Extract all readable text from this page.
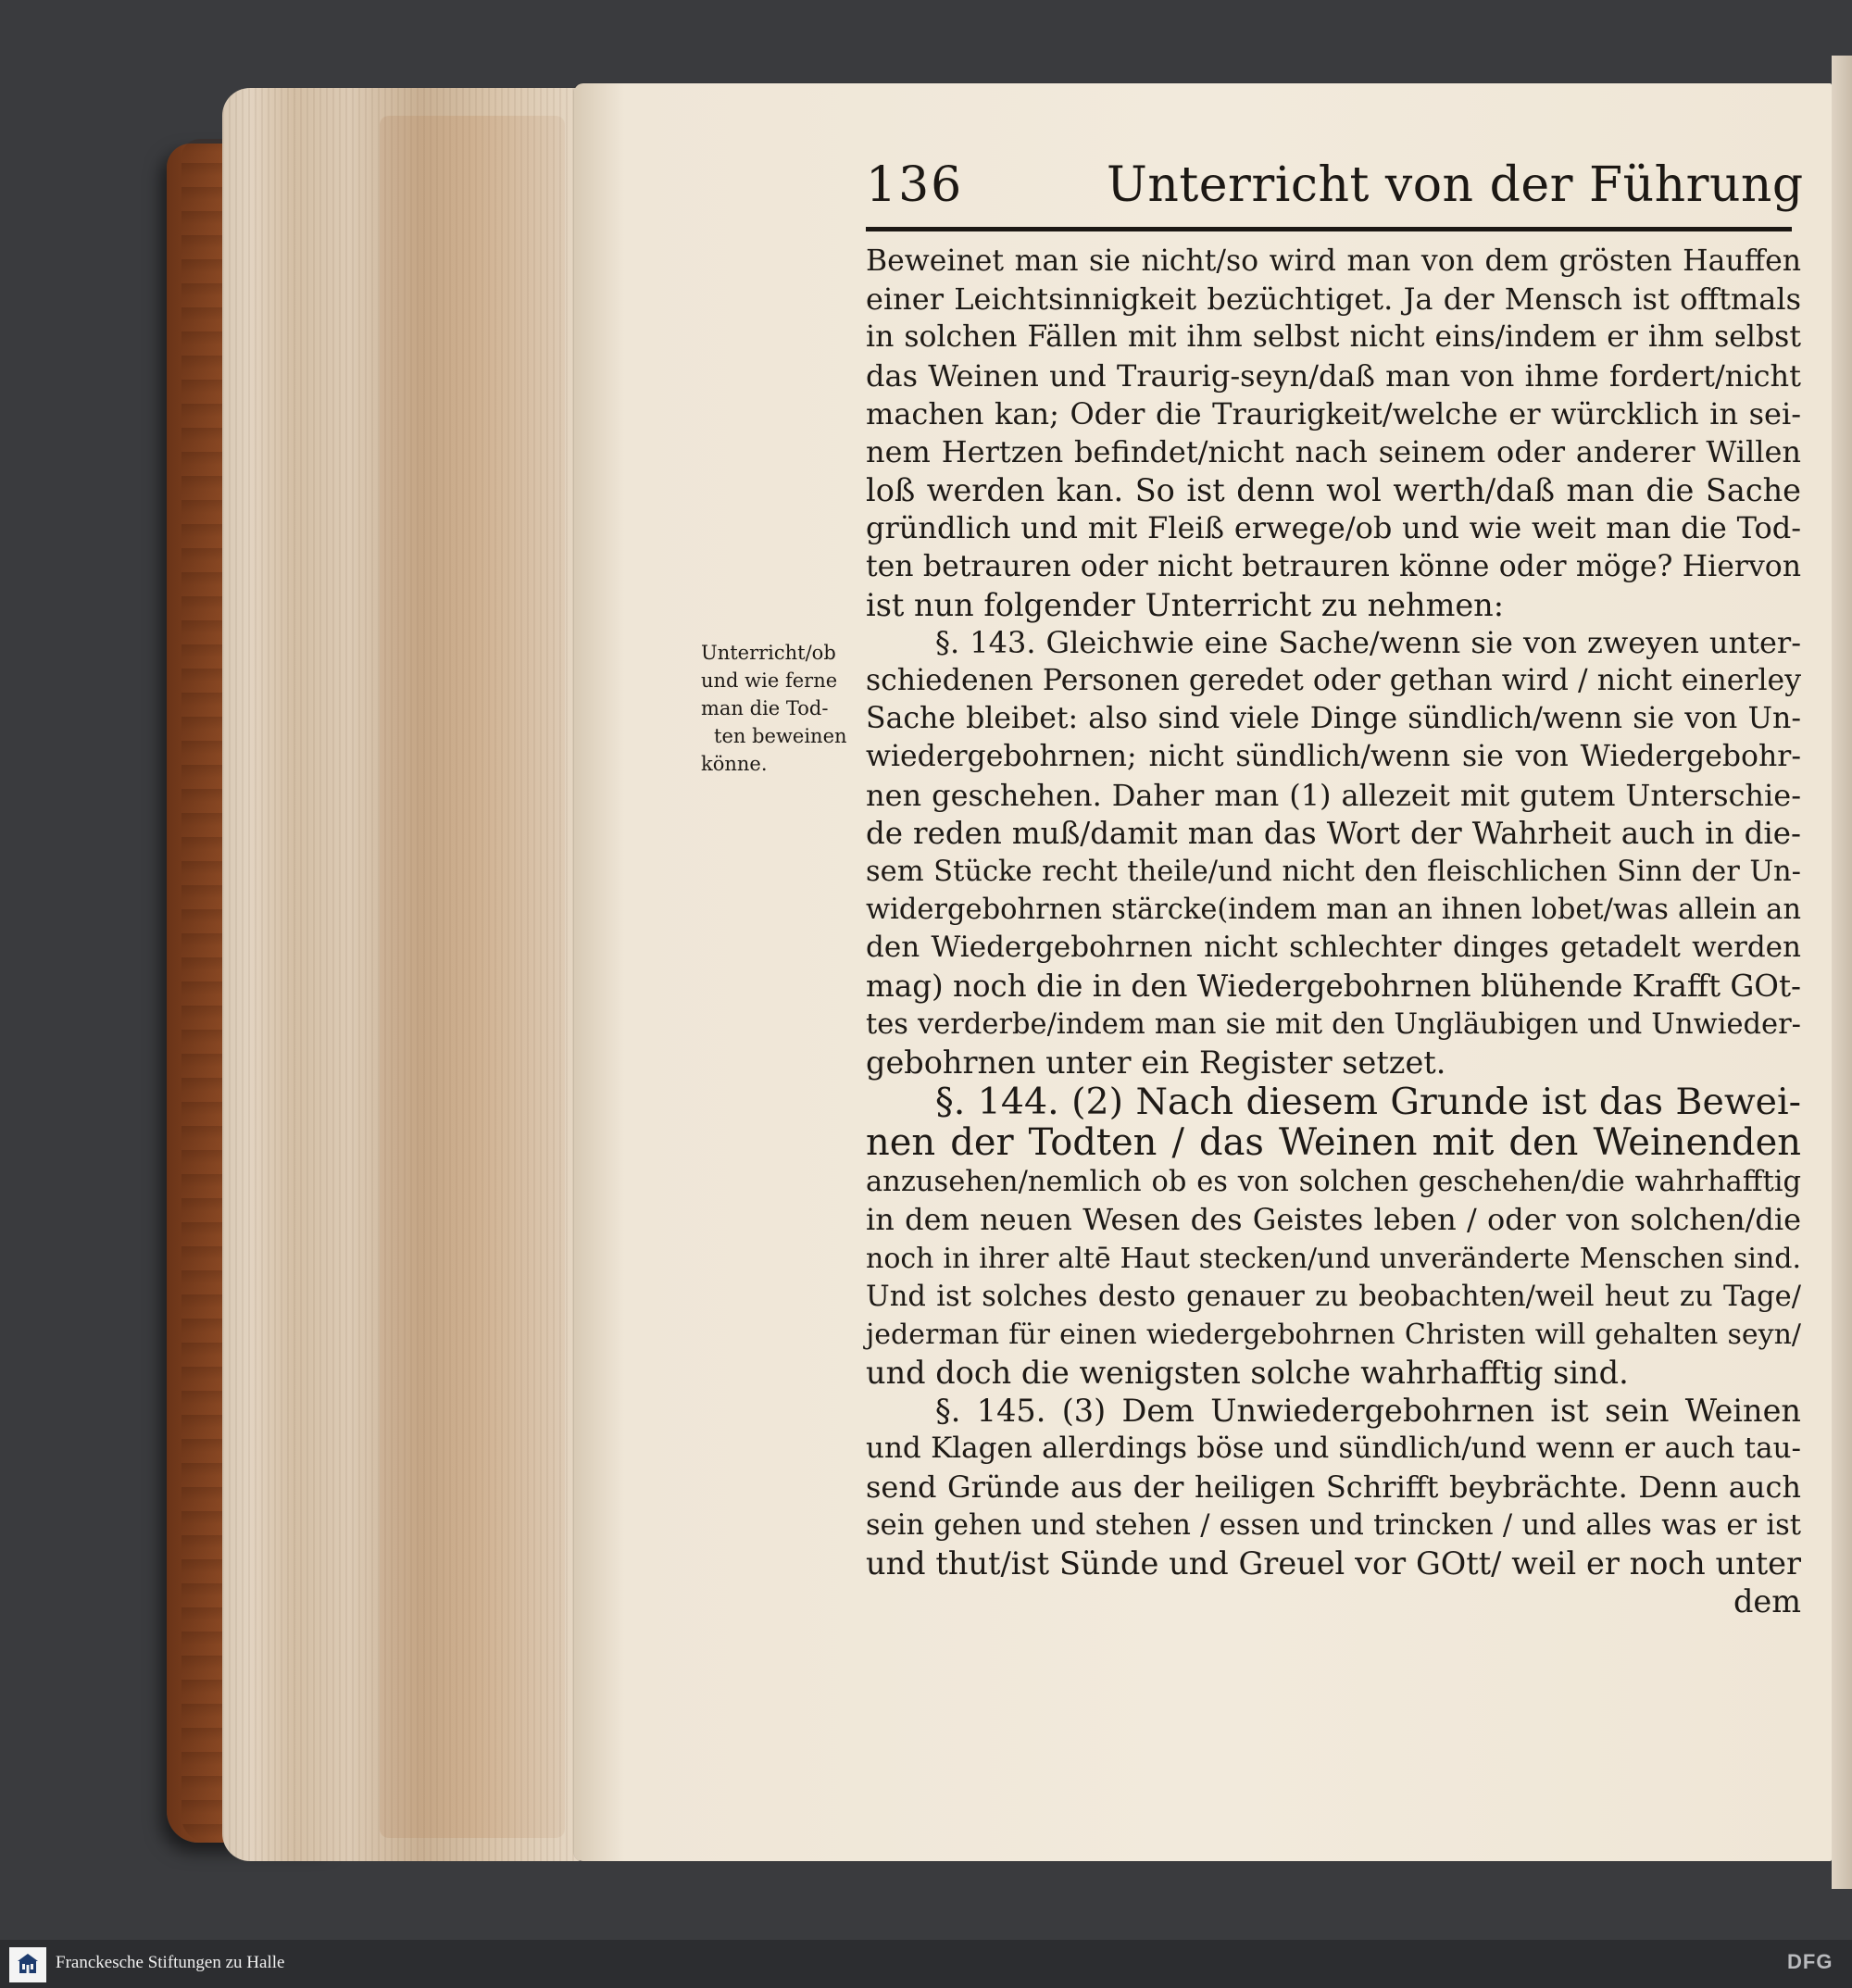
136	Unterricht von der Führung
Unterricht/ob
und wie ferne
man die Tod-
ten beweinen
könne.
Beweinet man sie nicht/so wird man von dem grösten Hauffen
einer Leichtsinnigkeit bezüchtiget. Ja der Mensch ist offtmals
in solchen Fällen mit ihm selbst nicht eins/indem er ihm selbst
das Weinen und Traurig-seyn/daß man von ihme fordert/nicht
machen kan; Oder die Traurigkeit/welche er würcklich in sei-
nem Hertzen befindet/nicht nach seinem oder anderer Willen
loß werden kan. So ist denn wol werth/daß man die Sache
gründlich und mit Fleiß erwege/ob und wie weit man die Tod-
ten betrauren oder nicht betrauren könne oder möge? Hiervon
ist nun folgender Unterricht zu nehmen:
§. 143. Gleichwie eine Sache/wenn sie von zweyen unter-
schiedenen Personen geredet oder gethan wird / nicht einerley
Sache bleibet: also sind viele Dinge sündlich/wenn sie von Un-
wiedergebohrnen; nicht sündlich/wenn sie von Wiedergebohr-
nen geschehen. Daher man (1) allezeit mit gutem Unterschie-
de reden muß/damit man das Wort der Wahrheit auch in die-
sem Stücke recht theile/und nicht den fleischlichen Sinn der Un-
widergebohrnen stärcke(indem man an ihnen lobet/was allein an
den Wiedergebohrnen nicht schlechter dinges getadelt werden
mag) noch die in den Wiedergebohrnen blühende Krafft GOt-
tes verderbe/indem man sie mit den Ungläubigen und Unwieder-
gebohrnen unter ein Register setzet.
§. 144. (2) Nach diesem Grunde ist das Bewei-
nen der Todten / das Weinen mit den Weinenden
anzusehen/nemlich ob es von solchen geschehen/die wahrhafftig
in dem neuen Wesen des Geistes leben / oder von solchen/die
noch in ihrer altē Haut stecken/und unveränderte Menschen sind.
Und ist solches desto genauer zu beobachten/weil heut zu Tage/
jederman für einen wiedergebohrnen Christen will gehalten seyn/
und doch die wenigsten solche wahrhafftig sind.
§. 145. (3) Dem Unwiedergebohrnen ist sein Weinen
und Klagen allerdings böse und sündlich/und wenn er auch tau-
send Gründe aus der heiligen Schrifft beybrächte. Denn auch
sein gehen und stehen / essen und trincken / und alles was er ist
und thut/ist Sünde und Greuel vor GOtt/ weil er noch unter
dem
Franckesche Stiftungen zu Halle	DFG
